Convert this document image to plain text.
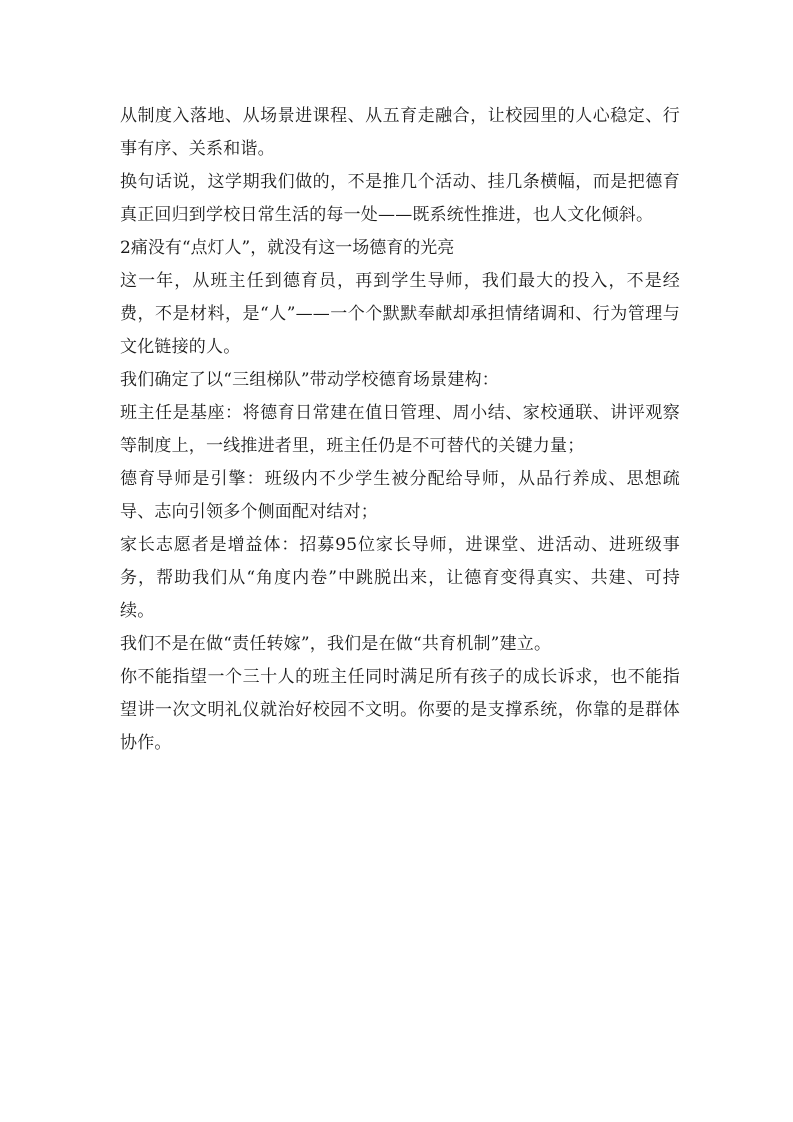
从制度入落地、从场景进课程、从五育走融合，让校园里的人心稳定、行事有序、关系和谐。

换句话说，这学期我们做的，不是推几个活动、挂几条横幅，而是把德育真正回归到学校日常生活的每一处——既系统性推进，也人文化倾斜。

2痛没有“点灯人”，就没有这一场德育的光亮

这一年，从班主任到德育员，再到学生导师，我们最大的投入，不是经费，不是材料，是“人”——一个个默默奉献却承担情绪调和、行为管理与文化链接的人。

我们确定了以“三组梯队”带动学校德育场景建构：

班主任是基座：将德育日常建在值日管理、周小结、家校通联、讲评观察等制度上，一线推进者里，班主任仍是不可替代的关键力量；

德育导师是引擎：班级内不少学生被分配给导师，从品行养成、思想疏导、志向引领多个侧面配对结对；

家长志愿者是增益体：招募95位家长导师，进课堂、进活动、进班级事务，帮助我们从“角度内卷”中跳脱出来，让德育变得真实、共建、可持续。

我们不是在做“责任转嫁”，我们是在做“共育机制”建立。

你不能指望一个三十人的班主任同时满足所有孩子的成长诉求，也不能指望讲一次文明礼仪就治好校园不文明。你要的是支撑系统，你靠的是群体协作。
